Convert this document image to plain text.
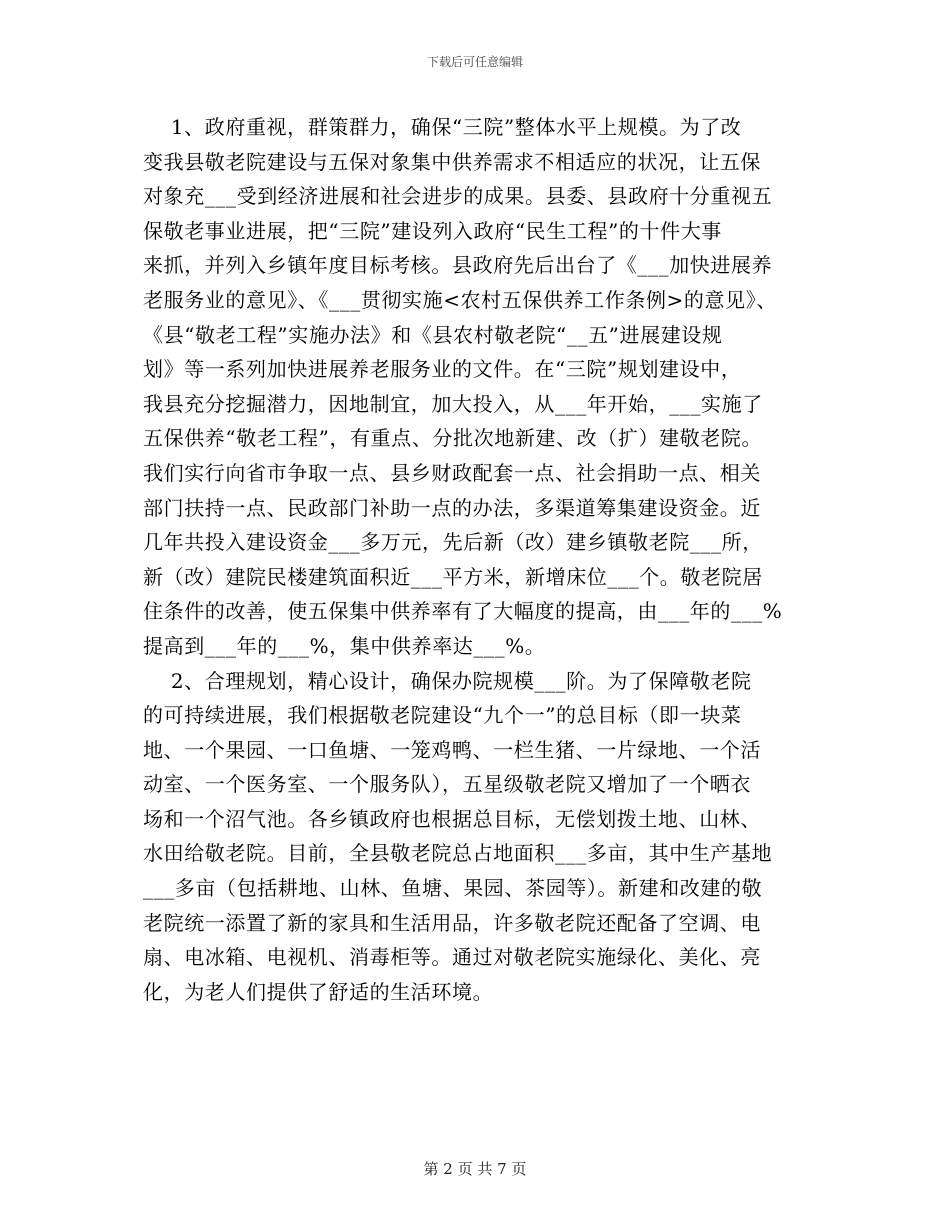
下载后可任意编辑
1、政府重视，群策群力，确保“三院”整体水平上规模。为了改
变我县敬老院建设与五保对象集中供养需求不相适应的状况，让五保
对象充___受到经济进展和社会进步的成果。县委、县政府十分重视五
保敬老事业进展，把“三院”建设列入政府“民生工程”的十件大事
来抓，并列入乡镇年度目标考核。县政府先后出台了《___加快进展养
老服务业的意见》、《___贯彻实施<农村五保供养工作条例>的意见》、
《县“敬老工程”实施办法》和《县农村敬老院“__五”进展建设规
划》等一系列加快进展养老服务业的文件。在“三院”规划建设中，
我县充分挖掘潜力，因地制宜，加大投入，从___年开始，___实施了
五保供养“敬老工程”，有重点、分批次地新建、改（扩）建敬老院。
我们实行向省市争取一点、县乡财政配套一点、社会捐助一点、相关
部门扶持一点、民政部门补助一点的办法，多渠道筹集建设资金。近
几年共投入建设资金___多万元，先后新（改）建乡镇敬老院___所，
新（改）建院民楼建筑面积近___平方米，新增床位___个。敬老院居
住条件的改善，使五保集中供养率有了大幅度的提高，由___年的___%
提高到___年的___%，集中供养率达___%。
2、合理规划，精心设计，确保办院规模___阶。为了保障敬老院
的可持续进展，我们根据敬老院建设“九个一”的总目标（即一块菜
地、一个果园、一口鱼塘、一笼鸡鸭、一栏生猪、一片绿地、一个活
动室、一个医务室、一个服务队），五星级敬老院又增加了一个晒衣
场和一个沼气池。各乡镇政府也根据总目标，无偿划拨土地、山林、
水田给敬老院。目前，全县敬老院总占地面积___多亩，其中生产基地
___多亩（包括耕地、山林、鱼塘、果园、茶园等）。新建和改建的敬
老院统一添置了新的家具和生活用品，许多敬老院还配备了空调、电
扇、电冰箱、电视机、消毒柜等。通过对敬老院实施绿化、美化、亮
化，为老人们提供了舒适的生活环境。
第 2 页 共 7 页
